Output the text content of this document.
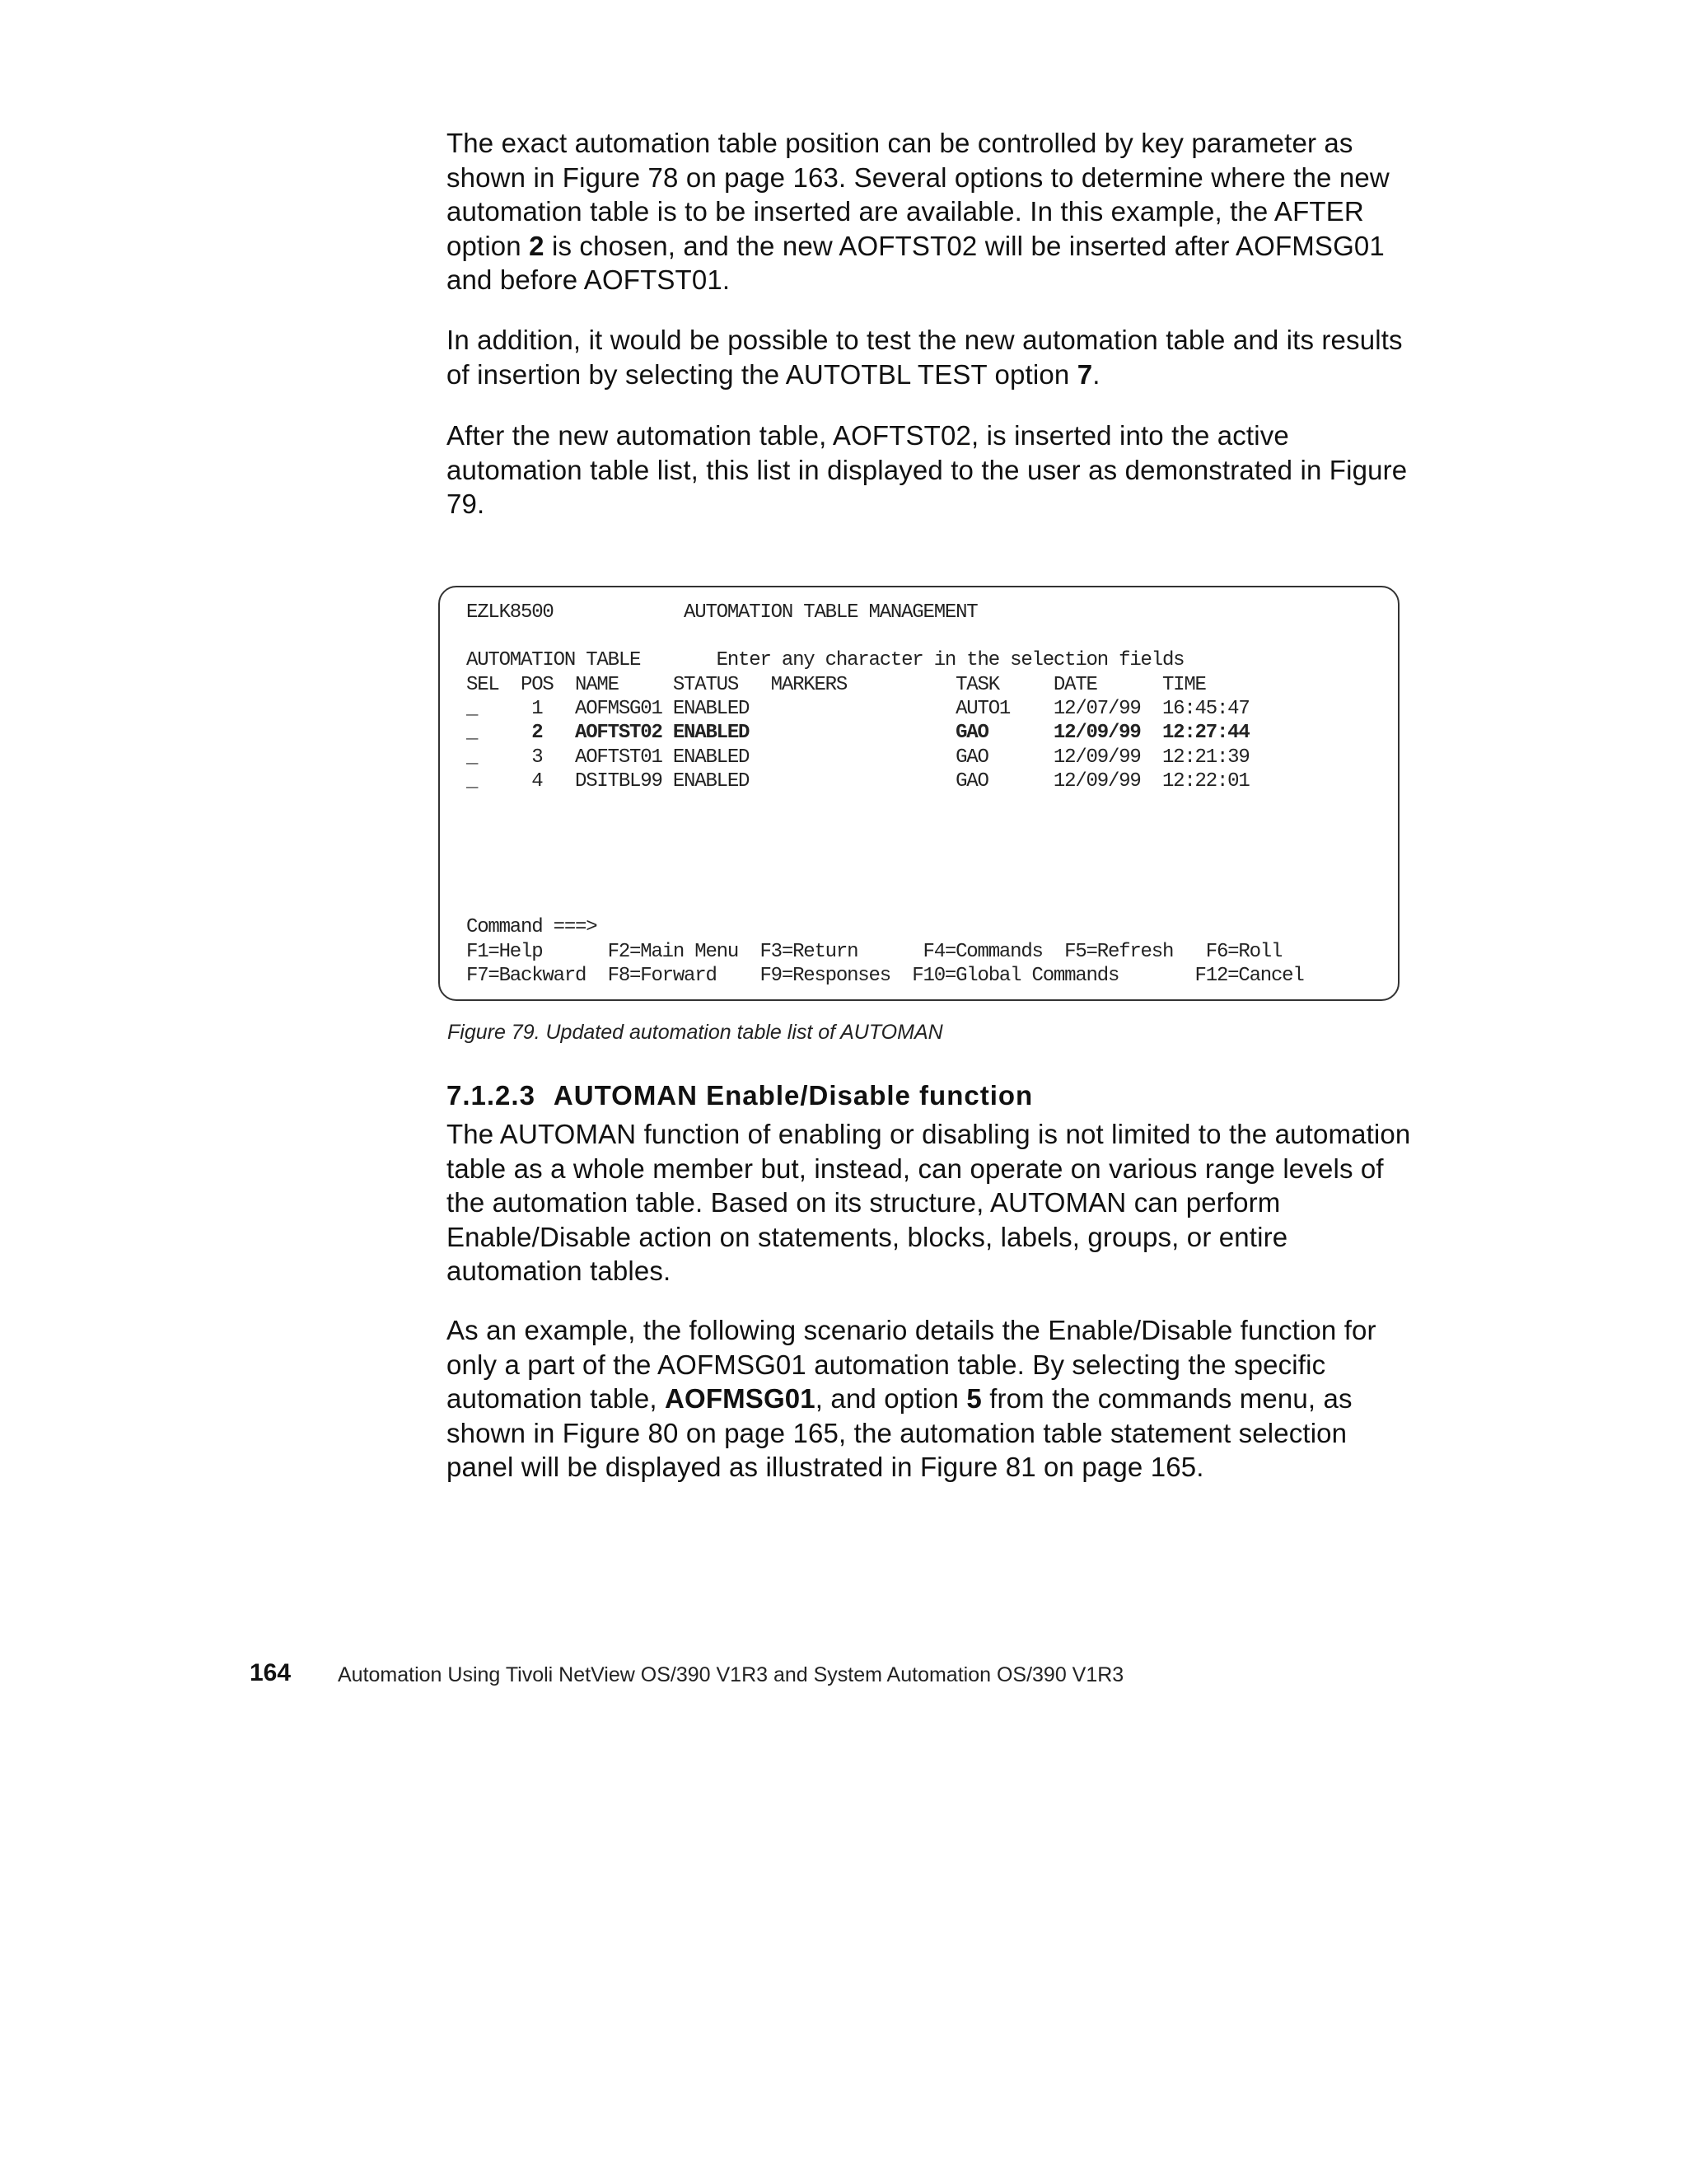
The exact automation table position can be controlled by key parameter as shown in Figure 78 on page 163. Several options to determine where the new automation table is to be inserted are available. In this example, the AFTER option 2 is chosen, and the new AOFTST02 will be inserted after AOFMSG01 and before AOFTST01.

In addition, it would be possible to test the new automation table and its results of insertion by selecting the AUTOTBL TEST option 7.

After the new automation table, AOFTST02, is inserted into the active automation table list, this list in displayed to the user as demonstrated in Figure 79.

EZLK8500            AUTOMATION TABLE MANAGEMENT

AUTOMATION TABLE       Enter any character in the selection fields

SEL  POS  NAME     STATUS   MARKERS          TASK     DATE      TIME

_     1   AOFMSG01 ENABLED                   AUTO1    12/07/99  16:45:47

_     2   AOFTST02 ENABLED                   GAO      12/09/99  12:27:44

_     3   AOFTST01 ENABLED                   GAO      12/09/99  12:21:39

_     4   DSITBL99 ENABLED                   GAO      12/09/99  12:22:01

Command ===>

F1=Help      F2=Main Menu  F3=Return      F4=Commands  F5=Refresh   F6=Roll

F7=Backward  F8=Forward    F9=Responses  F10=Global Commands       F12=Cancel

Figure 79. Updated automation table list of AUTOMAN

7.1.2.3 AUTOMAN Enable/Disable function

The AUTOMAN function of enabling or disabling is not limited to the automation table as a whole member but, instead, can operate on various range levels of the automation table. Based on its structure, AUTOMAN can perform Enable/Disable action on statements, blocks, labels, groups, or entire automation tables.

As an example, the following scenario details the Enable/Disable function for only a part of the AOFMSG01 automation table. By selecting the specific automation table, AOFMSG01, and option 5 from the commands menu, as shown in Figure 80 on page 165, the automation table statement selection panel will be displayed as illustrated in Figure 81 on page 165.

164 Automation Using Tivoli NetView OS/390 V1R3 and System Automation OS/390 V1R3
